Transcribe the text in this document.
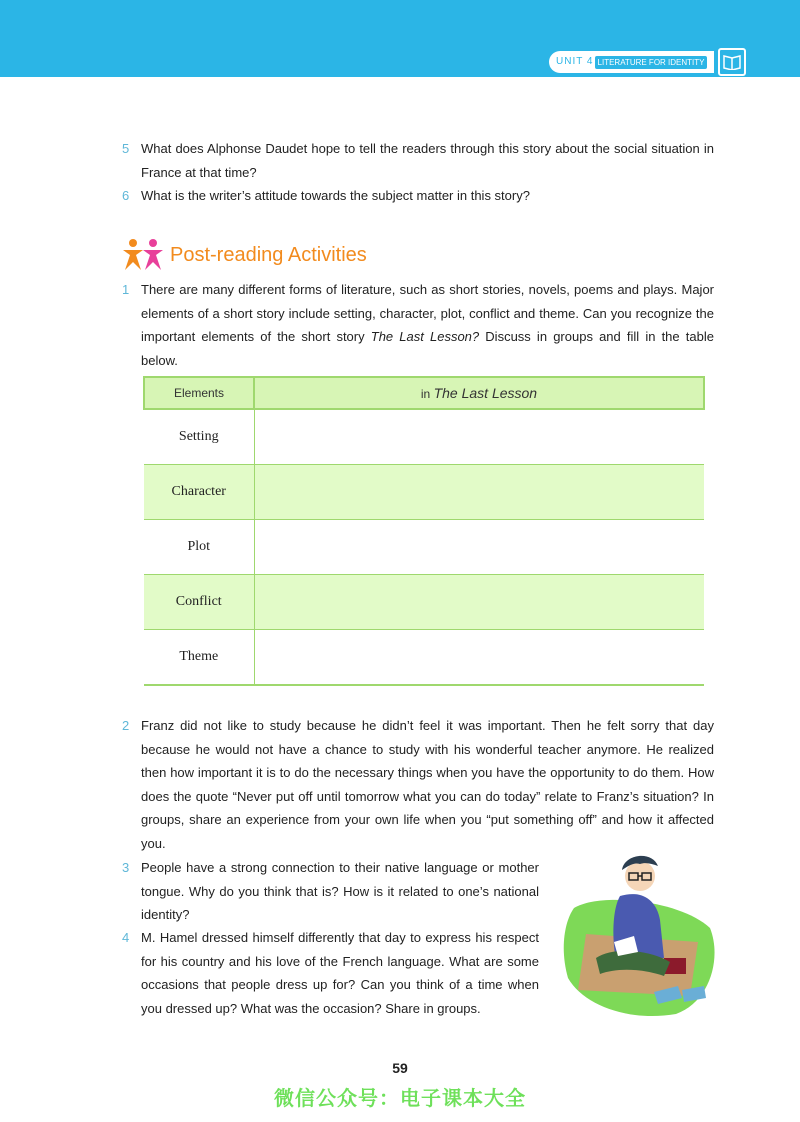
UNIT 4 LITERATURE FOR IDENTITY
5 What does Alphonse Daudet hope to tell the readers through this story about the social situation in France at that time?
6 What is the writer’s attitude towards the subject matter in this story?
Post-reading Activities
1 There are many different forms of literature, such as short stories, novels, poems and plays. Major elements of a short story include setting, character, plot, conflict and theme. Can you recognize the important elements of the short story The Last Lesson? Discuss in groups and fill in the table below.
Elements	in The Last Lesson
Setting	
Character	
Plot	
Conflict	
Theme	
2 Franz did not like to study because he didn’t feel it was important. Then he felt sorry that day because he would not have a chance to study with his wonderful teacher anymore. He realized then how important it is to do the necessary things when you have the opportunity to do them. How does the quote “Never put off until tomorrow what you can do today” relate to Franz’s situation? In groups, share an experience from your own life when you “put something off” and how it affected you.
3 People have a strong connection to their native language or mother tongue. Why do you think that is? How is it related to one’s national identity?
4 M. Hamel dressed himself differently that day to express his respect for his country and his love of the French language. What are some occasions that people dress up for? Can you think of a time when you dressed up? What was the occasion? Share in groups.
59
微信公众号：电子课本大全
